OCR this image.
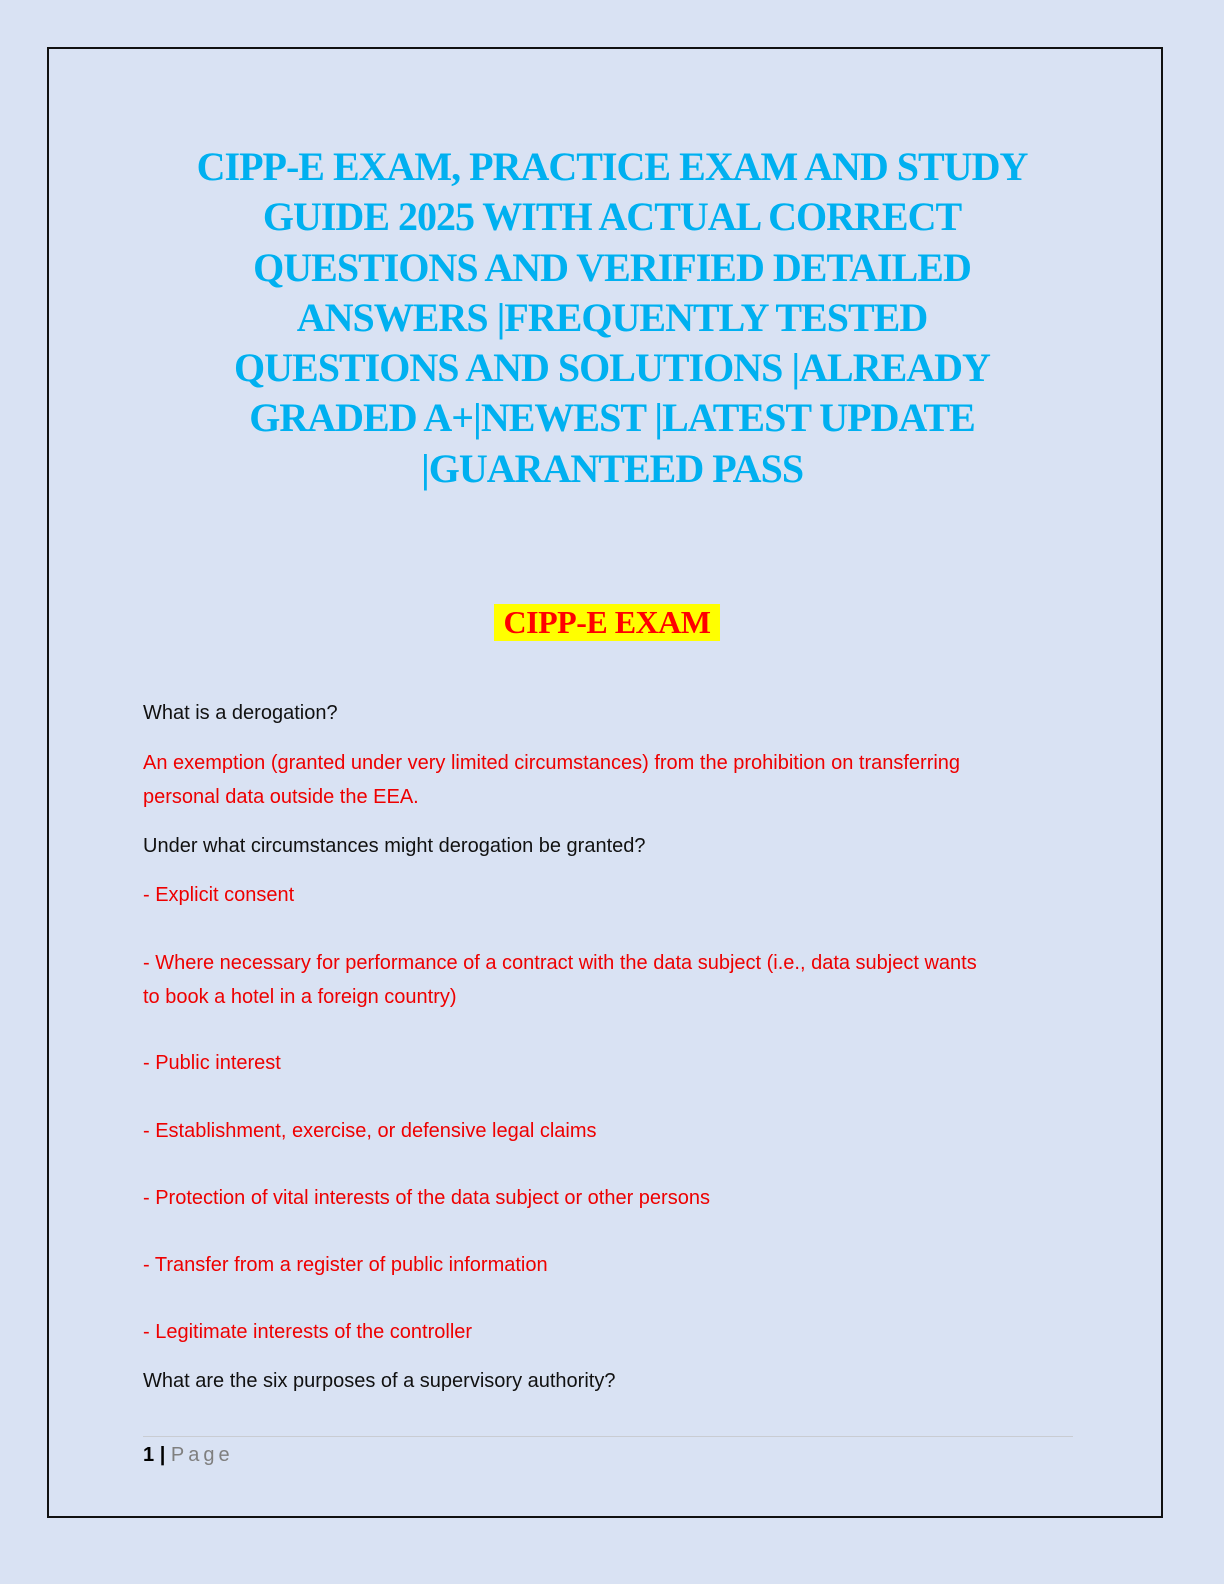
CIPP-E EXAM, PRACTICE EXAM AND STUDY
GUIDE 2025 WITH ACTUAL CORRECT
QUESTIONS AND VERIFIED DETAILED
ANSWERS |FREQUENTLY TESTED
QUESTIONS AND SOLUTIONS |ALREADY
GRADED A+|NEWEST |LATEST UPDATE
|GUARANTEED PASS
CIPP-E EXAM
What is a derogation?
An exemption (granted under very limited circumstances) from the prohibition on transferring
personal data outside the EEA.
Under what circumstances might derogation be granted?
- Explicit consent
- Where necessary for performance of a contract with the data subject (i.e., data subject wants
to book a hotel in a foreign country)
- Public interest
- Establishment, exercise, or defensive legal claims
- Protection of vital interests of the data subject or other persons
- Transfer from a register of public information
- Legitimate interests of the controller
What are the six purposes of a supervisory authority?
1 | Page
